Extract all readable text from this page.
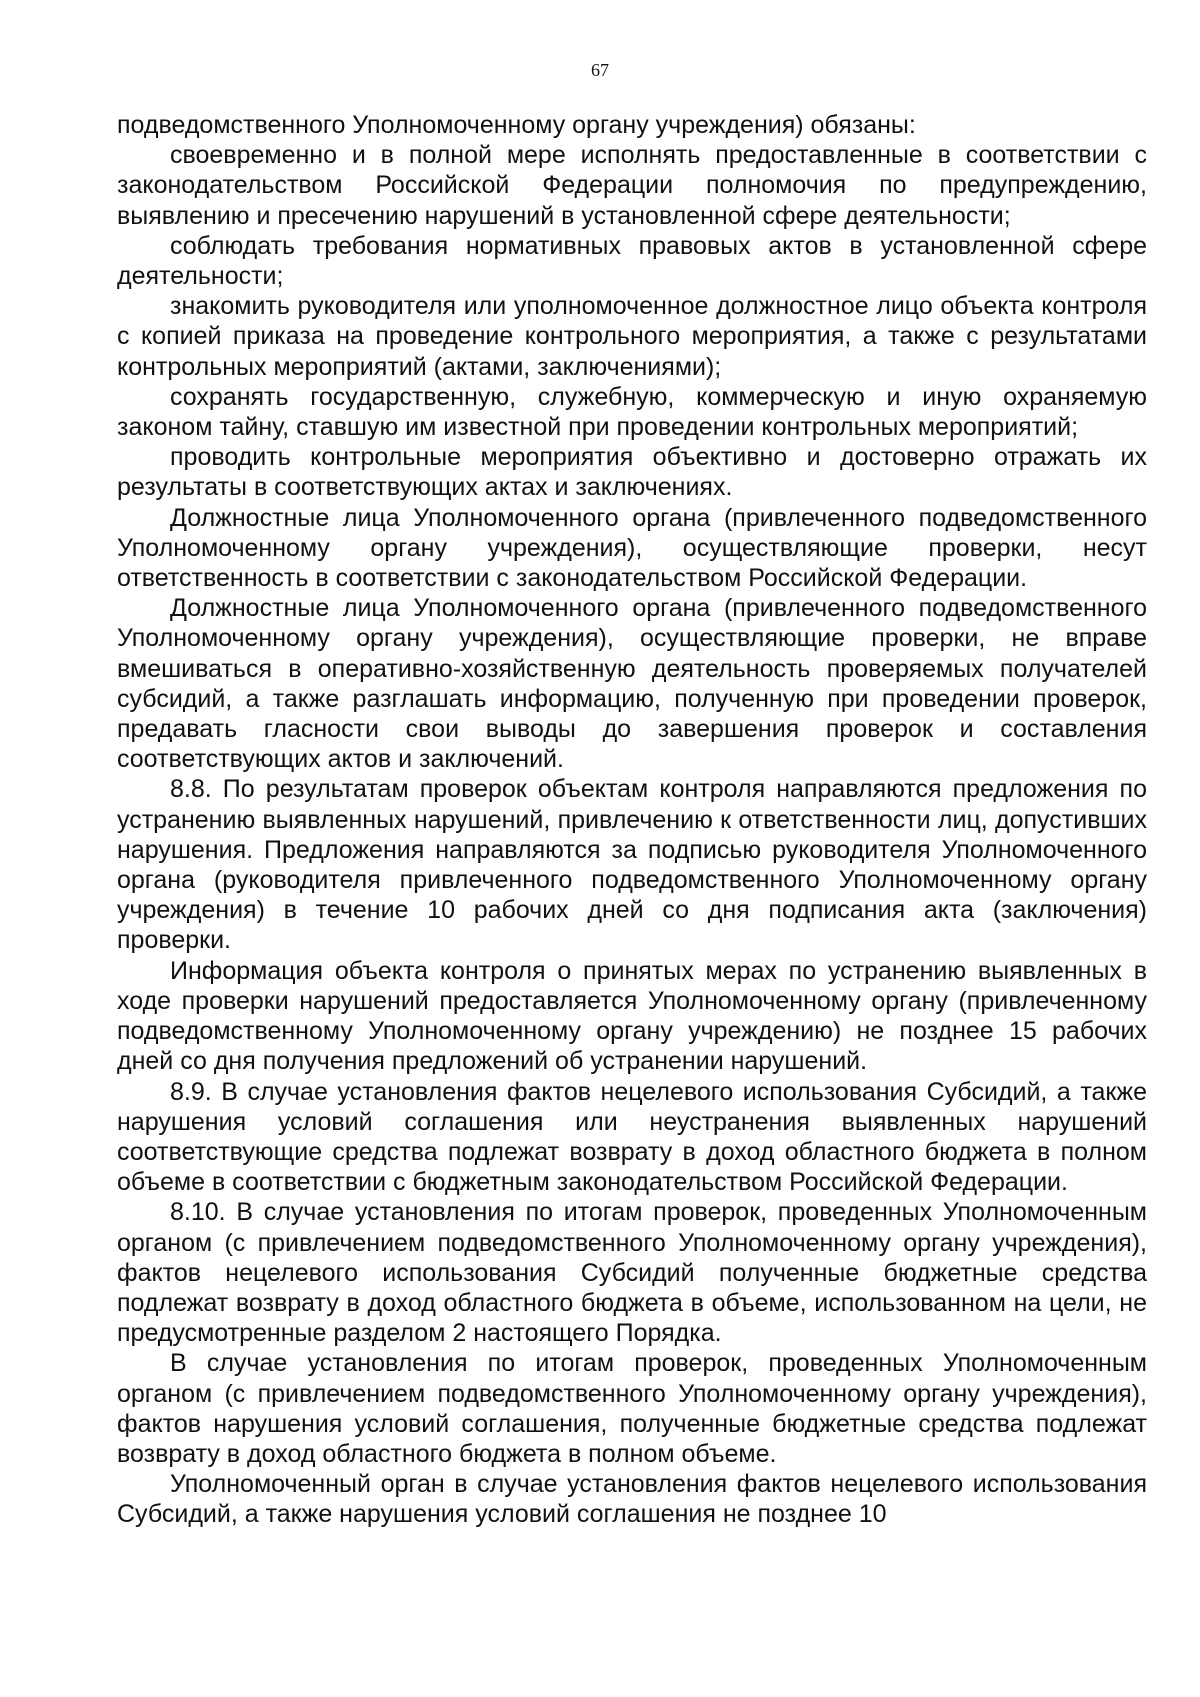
67

подведомственного Уполномоченному органу учреждения) обязаны:

своевременно и в полной мере исполнять предоставленные в соответствии с законодательством Российской Федерации полномочия по предупреждению, выявлению и пресечению нарушений в установленной сфере деятельности;

соблюдать требования нормативных правовых актов в установленной сфере деятельности;

знакомить руководителя или уполномоченное должностное лицо объекта контроля с копией приказа на проведение контрольного мероприятия, а также с результатами контрольных мероприятий (актами, заключениями);

сохранять государственную, служебную, коммерческую и иную охраняемую законом тайну, ставшую им известной при проведении контрольных мероприятий;

проводить контрольные мероприятия объективно и достоверно отражать их результаты в соответствующих актах и заключениях.

Должностные лица Уполномоченного органа (привлеченного подведомственного Уполномоченному органу учреждения), осуществляющие проверки, несут ответственность в соответствии с законодательством Российской Федерации.

Должностные лица Уполномоченного органа (привлеченного подведомственного Уполномоченному органу учреждения), осуществляющие проверки, не вправе вмешиваться в оперативно-хозяйственную деятельность проверяемых получателей субсидий, а также разглашать информацию, полученную при проведении проверок, предавать гласности свои выводы до завершения проверок и составления соответствующих актов и заключений.

8.8. По результатам проверок объектам контроля направляются предложения по устранению выявленных нарушений, привлечению к ответственности лиц, допустивших нарушения. Предложения направляются за подписью руководителя Уполномоченного органа (руководителя привлеченного подведомственного Уполномоченному органу учреждения) в течение 10 рабочих дней со дня подписания акта (заключения) проверки.

Информация объекта контроля о принятых мерах по устранению выявленных в ходе проверки нарушений предоставляется Уполномоченному органу (привлеченному подведомственному Уполномоченному органу учреждению) не позднее 15 рабочих дней со дня получения предложений об устранении нарушений.

8.9. В случае установления фактов нецелевого использования Субсидий, а также нарушения условий соглашения или неустранения выявленных нарушений соответствующие средства подлежат возврату в доход областного бюджета в полном объеме в соответствии с бюджетным законодательством Российской Федерации.

8.10. В случае установления по итогам проверок, проведенных Уполномоченным органом (с привлечением подведомственного Уполномоченному органу учреждения), фактов нецелевого использования Субсидий полученные бюджетные средства подлежат возврату в доход областного бюджета в объеме, использованном на цели, не предусмотренные разделом 2 настоящего Порядка.

В случае установления по итогам проверок, проведенных Уполномоченным органом (с привлечением подведомственного Уполномоченному органу учреждения), фактов нарушения условий соглашения, полученные бюджетные средства подлежат возврату в доход областного бюджета в полном объеме.

Уполномоченный орган в случае установления фактов нецелевого использования Субсидий, а также нарушения условий соглашения не позднее 10
